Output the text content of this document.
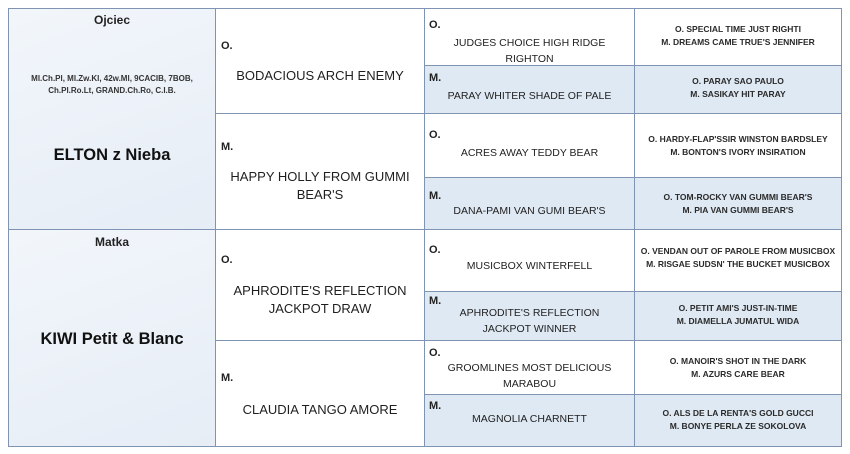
Ojciec
Ml.Ch.Pl, Ml.Zw.Kl, 42w.Ml, 9CACIB, 7BOB, Ch.Pl.Ro.Lt, GRAND.Ch.Ro, C.I.B.
ELTON z Nieba
Matka
KIWI Petit & Blanc
O.
BODACIOUS ARCH ENEMY
M.
HAPPY HOLLY FROM GUMMI BEAR'S
O.
APHRODITE'S REFLECTION JACKPOT DRAW
M.
CLAUDIA TANGO AMORE
O.
JUDGES CHOICE HIGH RIDGE RIGHTON
M.
PARAY WHITER SHADE OF PALE
O.
ACRES AWAY TEDDY BEAR
M.
DANA-PAMI VAN GUMI BEAR'S
O.
MUSICBOX WINTERFELL
M.
APHRODITE'S REFLECTION JACKPOT WINNER
O.
GROOMLINES MOST DELICIOUS MARABOU
M.
MAGNOLIA CHARNETT
O. SPECIAL TIME JUST RIGHTI
M. DREAMS CAME TRUE'S JENNIFER
O. PARAY SAO PAULO
M. SASIKAY HIT PARAY
O. HARDY-FLAP'SSIR WINSTON BARDSLEY
M. BONTON'S IVORY INSIRATION
O. TOM-ROCKY VAN GUMMI BEAR'S
M. PIA VAN GUMMI BEAR'S
O. VENDAN OUT OF PAROLE FROM MUSICBOX
M. RISGAE SUDSN' THE BUCKET MUSICBOX
O. PETIT AMI'S JUST-IN-TIME
M. DIAMELLA JUMATUL WIDA
O. MANOIR'S SHOT IN THE DARK
M. AZURS CARE BEAR
O. ALS DE LA RENTA'S GOLD GUCCI
M. BONYE PERLA ZE SOKOLOVA
